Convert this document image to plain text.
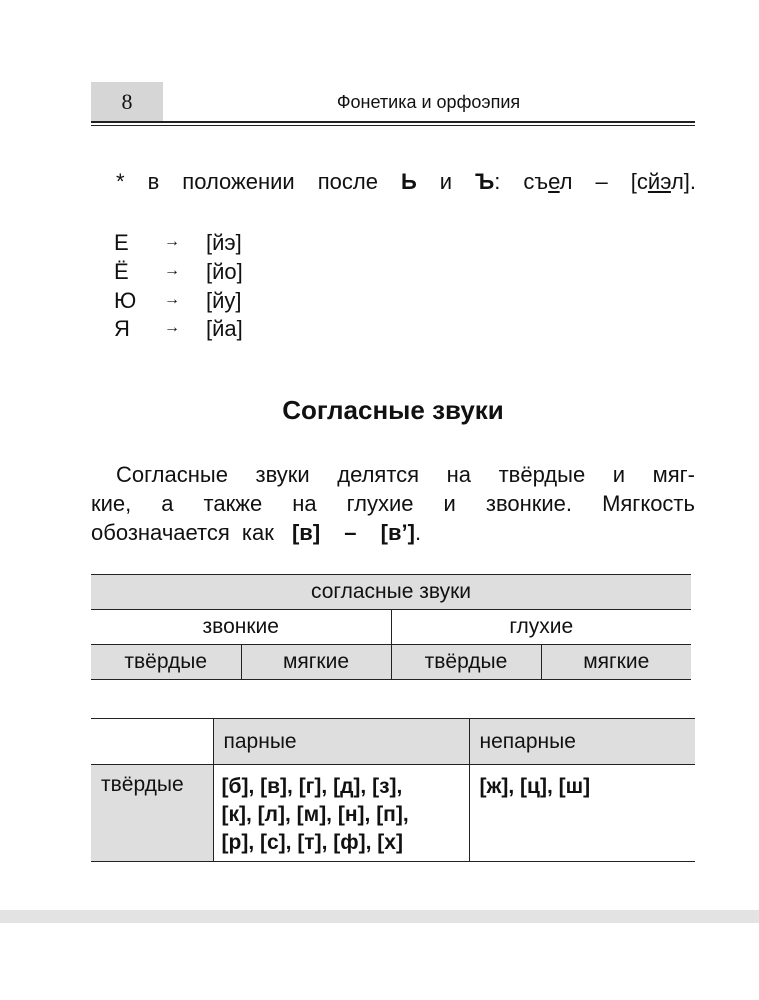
8	Фонетика и орфоэпия
* в положении после Ь и Ъ: съел – [сйэл].
Е → [йэ]
Ё → [йо]
Ю → [йу]
Я → [йа]
Согласные звуки
Согласные звуки делятся на твёрдые и мяг-
кие, а также на глухие и звонкие. Мягкость
обозначается как [в] – [в’].
согласные звуки			
звонкие		глухие	
твёрдые	мягкие	твёрдые	мягкие
	парные	непарные
твёрдые	[б], [в], [г], [д], [з],
[к], [л], [м], [н], [п],
[р], [с], [т], [ф], [х]	[ж], [ц], [ш]
